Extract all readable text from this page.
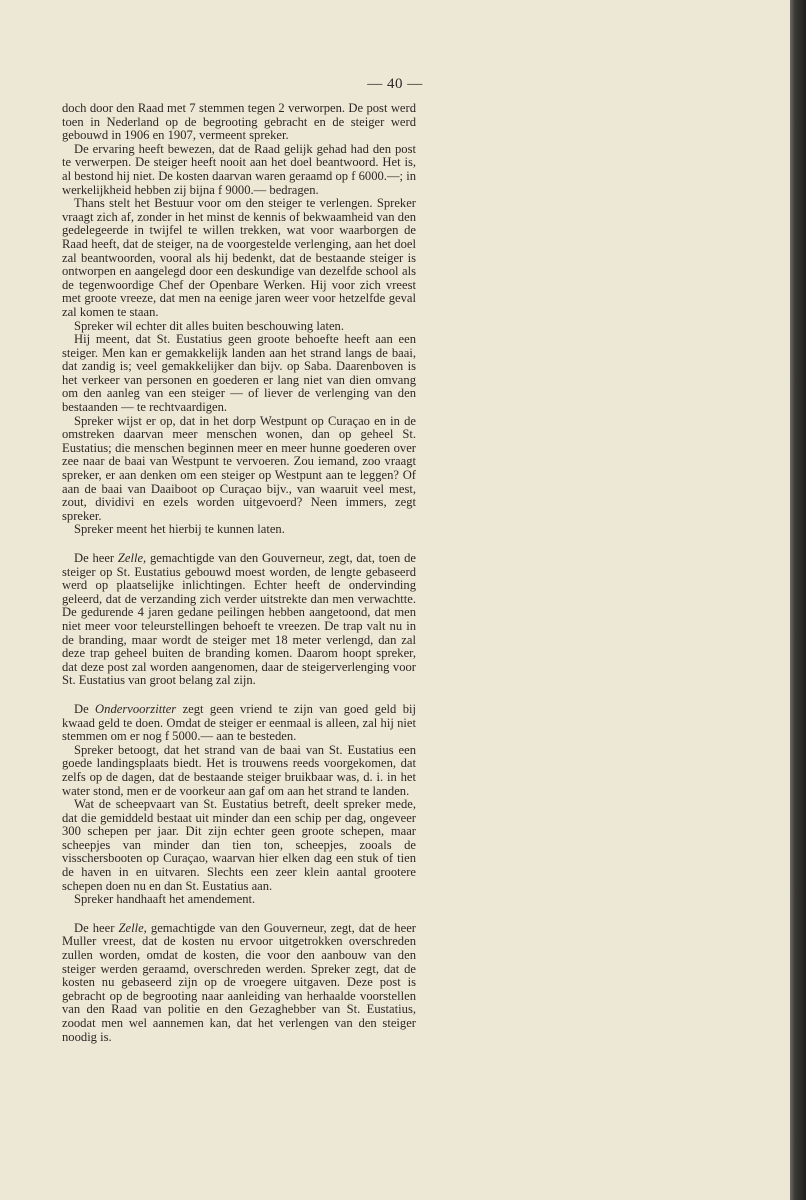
— 40 —

doch door den Raad met 7 stemmen tegen 2 verworpen. De post werd toen in Nederland op de begrooting gebracht en de steiger werd gebouwd in 1906 en 1907, vermeent spreker.

De ervaring heeft bewezen, dat de Raad gelijk gehad had den post te verwerpen. De steiger heeft nooit aan het doel beantwoord. Het is, al bestond hij niet. De kosten daarvan waren geraamd op f 6000.—; in werkelijkheid hebben zij bijna f 9000.— bedragen.

Thans stelt het Bestuur voor om den steiger te verlengen. Spreker vraagt zich af, zonder in het minst de kennis of bekwaamheid van den gedelegeerde in twijfel te willen trekken, wat voor waarborgen de Raad heeft, dat de steiger, na de voorgestelde verlenging, aan het doel zal beantwoorden, vooral als hij bedenkt, dat de bestaande steiger is ontworpen en aangelegd door een deskundige van dezelfde school als de tegenwoordige Chef der Openbare Werken. Hij voor zich vreest met groote vreeze, dat men na eenige jaren weer voor hetzelfde geval zal komen te staan.

Spreker wil echter dit alles buiten beschouwing laten.

Hij meent, dat St. Eustatius geen groote behoefte heeft aan een steiger. Men kan er gemakkelijk landen aan het strand langs de baai, dat zandig is; veel gemakkelijker dan bijv. op Saba. Daarenboven is het verkeer van personen en goederen er lang niet van dien omvang om den aanleg van een steiger — of liever de verlenging van den bestaanden — te rechtvaardigen.

Spreker wijst er op, dat in het dorp Westpunt op Curaçao en in de omstreken daarvan meer menschen wonen, dan op geheel St. Eustatius; die menschen beginnen meer en meer hunne goederen over zee naar de baai van Westpunt te vervoeren. Zou iemand, zoo vraagt spreker, er aan denken om een steiger op Westpunt aan te leggen? Of aan de baai van Daaiboot op Curaçao bijv., van waaruit veel mest, zout, dividivi en ezels worden uitgevoerd? Neen immers, zegt spreker.

Spreker meent het hierbij te kunnen laten.

De heer Zelle, gemachtigde van den Gouverneur, zegt, dat, toen de steiger op St. Eustatius gebouwd moest worden, de lengte gebaseerd werd op plaatselijke inlichtingen. Echter heeft de ondervinding geleerd, dat de verzanding zich verder uitstrekte dan men verwachtte. De gedurende 4 jaren gedane peilingen hebben aangetoond, dat men niet meer voor teleurstellingen behoeft te vreezen. De trap valt nu in de branding, maar wordt de steiger met 18 meter verlengd, dan zal deze trap geheel buiten de branding komen. Daarom hoopt spreker, dat deze post zal worden aangenomen, daar de steigerverlenging voor St. Eustatius van groot belang zal zijn.

De Ondervoorzitter zegt geen vriend te zijn van goed geld bij kwaad geld te doen. Omdat de steiger er eenmaal is alleen, zal hij niet stemmen om er nog f 5000.— aan te besteden.

Spreker betoogt, dat het strand van de baai van St. Eustatius een goede landingsplaats biedt. Het is trouwens reeds voorgekomen, dat zelfs op de dagen, dat de bestaande steiger bruikbaar was, d. i. in het water stond, men er de voorkeur aan gaf om aan het strand te landen.

Wat de scheepvaart van St. Eustatius betreft, deelt spreker mede, dat die gemiddeld bestaat uit minder dan een schip per dag, ongeveer 300 schepen per jaar. Dit zijn echter geen groote schepen, maar scheepjes van minder dan tien ton, scheepjes, zooals de visschersbooten op Curaçao, waarvan hier elken dag een stuk of tien de haven in en uitvaren. Slechts een zeer klein aantal grootere schepen doen nu en dan St. Eustatius aan.

Spreker handhaaft het amendement.

De heer Zelle, gemachtigde van den Gouverneur, zegt, dat de heer Muller vreest, dat de kosten nu ervoor uitgetrokken overschreden zullen worden, omdat de kosten, die voor den aanbouw van den steiger werden geraamd, overschreden werden. Spreker zegt, dat de kosten nu gebaseerd zijn op de vroegere uitgaven. Deze post is gebracht op de begrooting naar aanleiding van herhaalde voorstellen van den Raad van politie en den Gezaghebber van St. Eustatius, zoodat men wel aannemen kan, dat het verlengen van den steiger noodig is.
